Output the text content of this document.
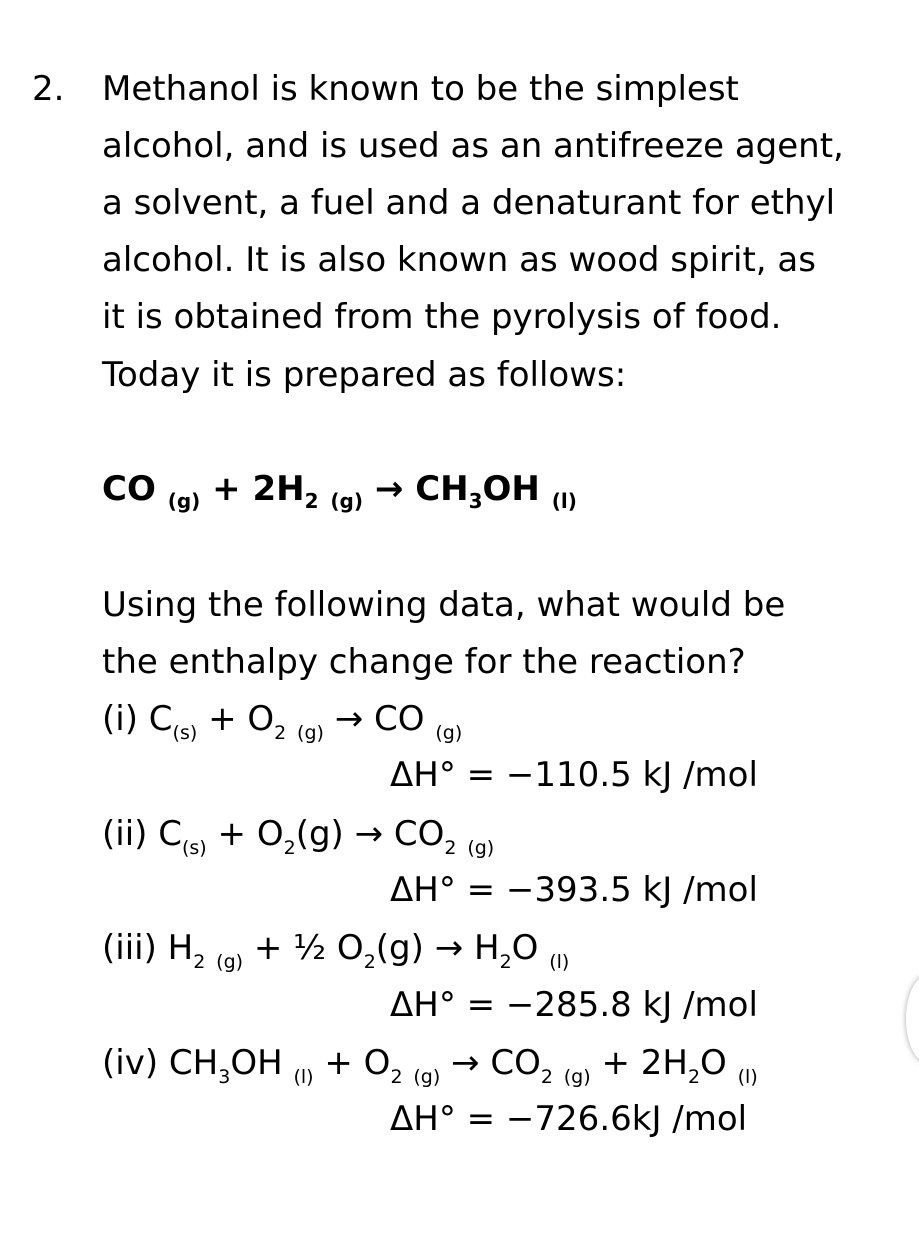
2. Methanol is known to be the simplest
alcohol, and is used as an antifreeze agent,
a solvent, a fuel and a denaturant for ethyl
alcohol. It is also known as wood spirit, as
it is obtained from the pyrolysis of food.
Today it is prepared as follows:
CO $_{(g)} + 2H_2$ $_{(g)} \to CH_3OH$ $_{(l)}$
Using the following data, what would be
the enthalpy change for the reaction?
(i) $C_{(s)} + O_2$ $_{(g)}$ → CO $_{(g)}$
ΔH° = −110.5 kJ /mol
(ii) $C_{(s)} + O_2(g) \to CO_2$ $_{(g)}$
ΔH° = −393.5 kJ /mol
(iii) $H_2$ $_{(g)}$ + ½ $O_2(g) \to H_2O$ $_{(l)}$
ΔH° = −285.8 kJ /mol
(iv) $CH_3OH$ $_{(l)} + O_2$ $_{(g)} \to CO_2$ $_{(g)} + 2H_2O$ $_{(l)}$
ΔH° = −726.6kJ /mol
